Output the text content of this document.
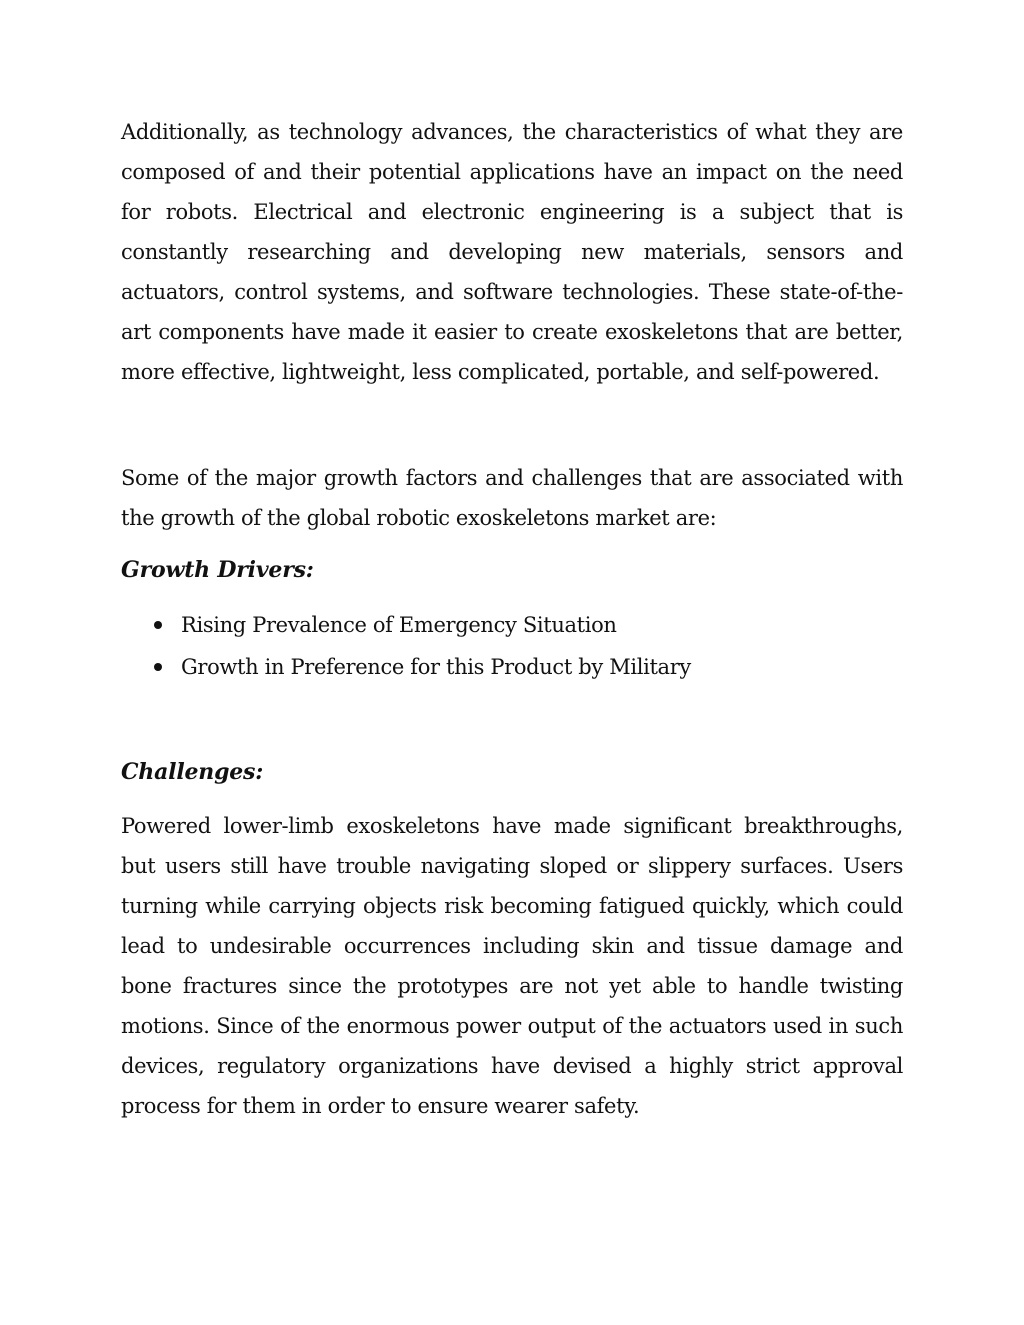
Additionally, as technology advances, the characteristics of what they are composed of and their potential applications have an impact on the need for robots. Electrical and electronic engineering is a subject that is constantly researching and developing new materials, sensors and actuators, control systems, and software technologies. These state-of-the-art components have made it easier to create exoskeletons that are better, more effective, lightweight, less complicated, portable, and self-powered.

Some of the major growth factors and challenges that are associated with the growth of the global robotic exoskeletons market are:

Growth Drivers:
Rising Prevalence of Emergency Situation
Growth in Preference for this Product by Military
Challenges:

Powered lower-limb exoskeletons have made significant breakthroughs, but users still have trouble navigating sloped or slippery surfaces. Users turning while carrying objects risk becoming fatigued quickly, which could lead to undesirable occurrences including skin and tissue damage and bone fractures since the prototypes are not yet able to handle twisting motions. Since of the enormous power output of the actuators used in such devices, regulatory organizations have devised a highly strict approval process for them in order to ensure wearer safety.
